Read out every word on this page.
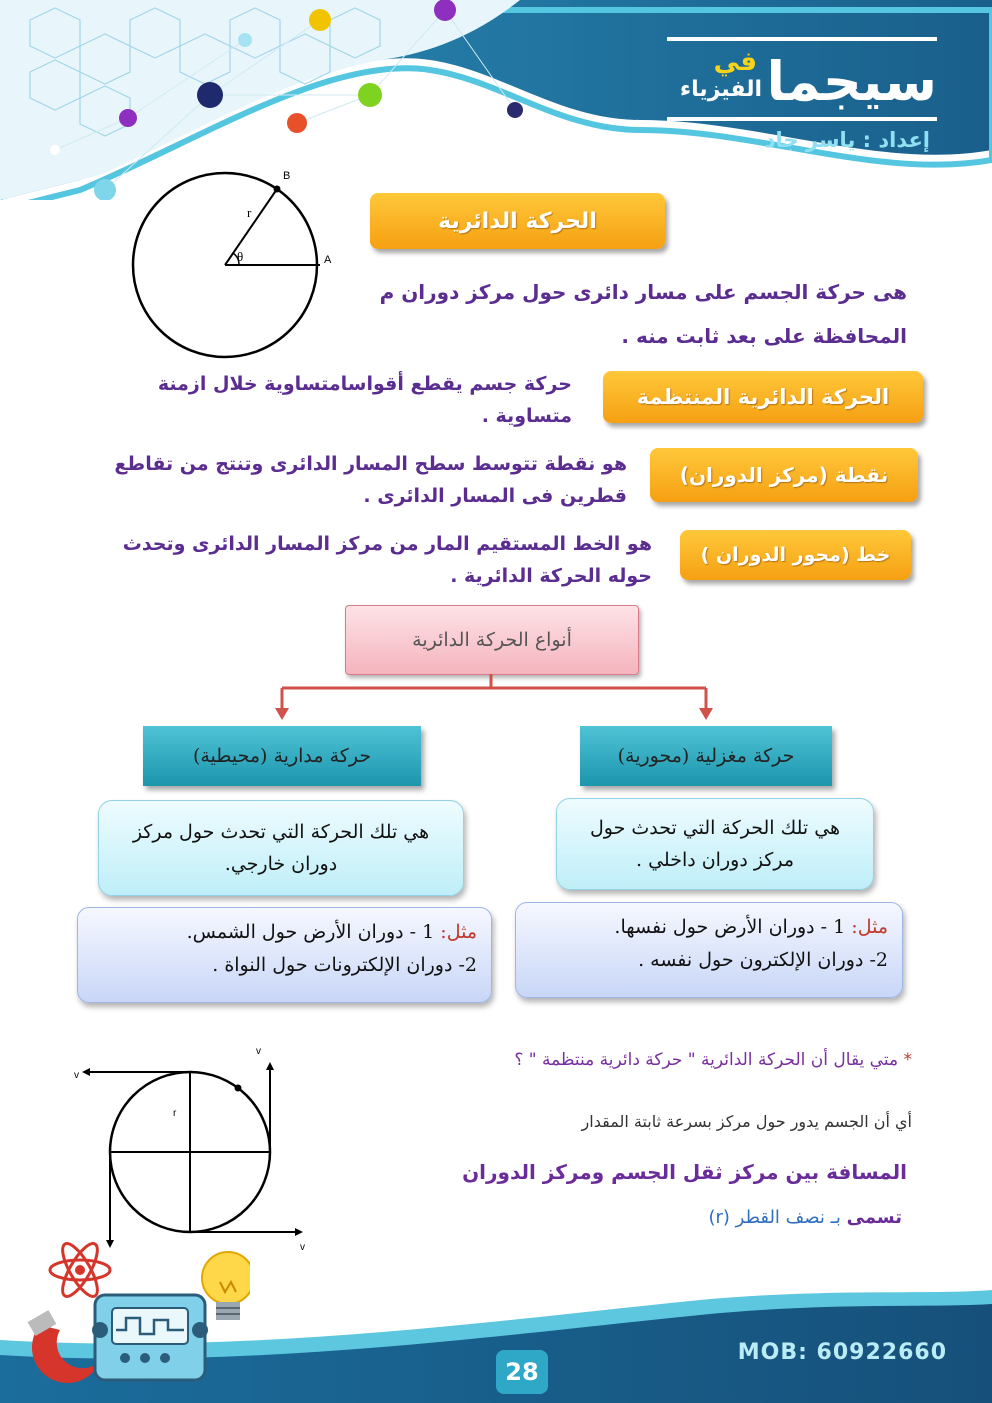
في سيجما
الفيزياء
إعداد : ياسر جاد
B
A
r
θ
الحركة الدائرية
هى حركة الجسم على مسار دائرى حول مركز دوران م
المحافظة على بعد ثابت منه .
الحركة الدائرية المنتظمة
حركة جسم يقطع أقواسامتساوية خلال ازمنة
متساوية .
نقطة (مركز الدوران)
هو نقطة تتوسط سطح المسار الدائرى وتنتج من تقاطع
قطرين فى المسار الدائرى .
خط (محور الدوران )
هو الخط المستقيم المار من مركز المسار الدائرى وتحدث
حوله الحركة الدائرية .
أنواع الحركة الدائرية
حركة مغزلية (محورية)
حركة مدارية (محيطية)
هي تلك الحركة التي تحدث حول
مركز دوران داخلي .
هي تلك الحركة التي تحدث حول مركز
دوران خارجي.
مثل: 1 - دوران الأرض حول نفسها.
2- دوران الإلكترون حول نفسه .
مثل: 1 - دوران الأرض حول الشمس.
2- دوران الإلكترونات حول النواة .
v
v
v
r
* متي يقال أن الحركة الدائرية " حركة دائرية منتظمة " ؟
أي أن الجسم يدور حول مركز بسرعة ثابتة المقدار
المسافة بين مركز ثقل الجسم ومركز الدوران
تسمى بـ نصف القطر (r)
28
MOB: 60922660
